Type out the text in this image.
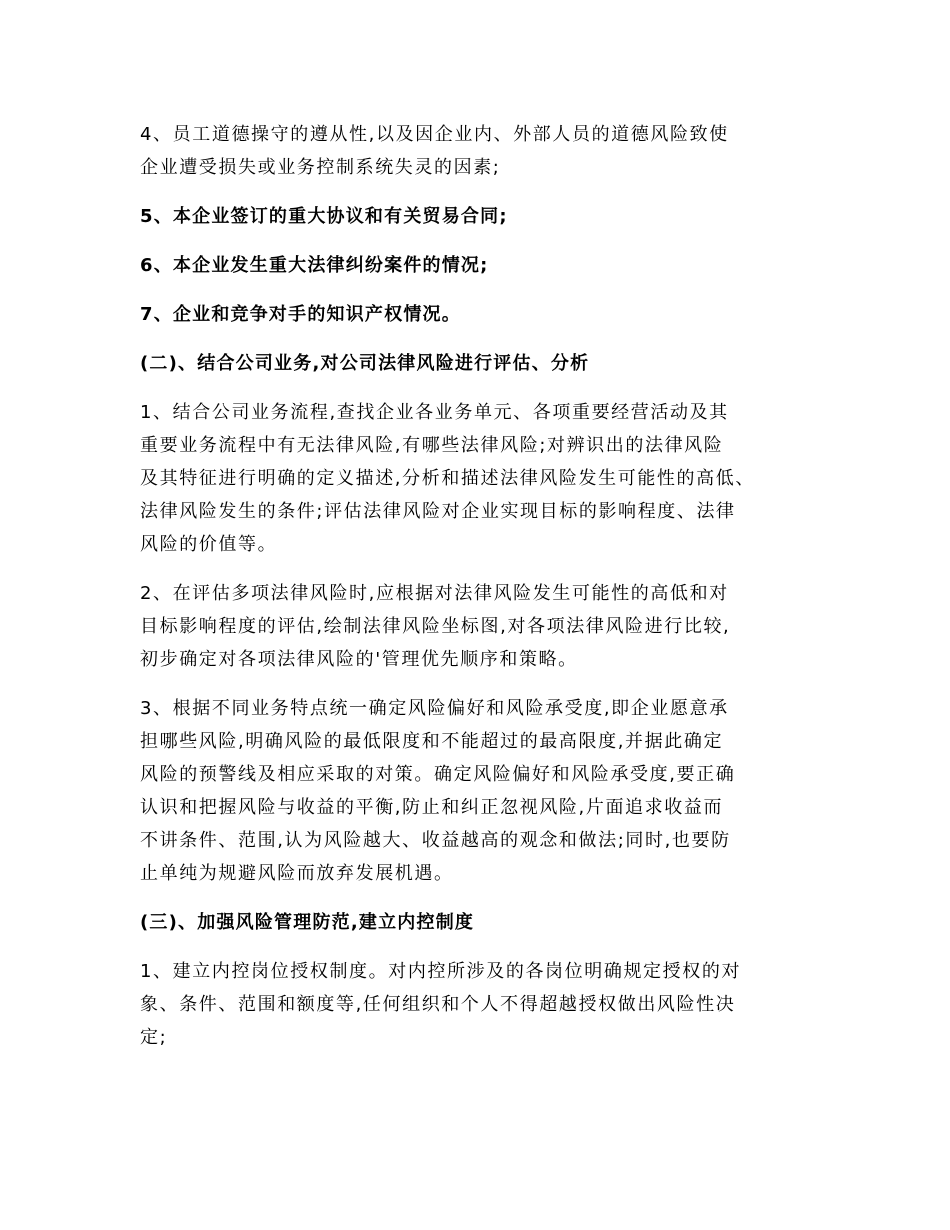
4、员工道德操守的遵从性,以及因企业内、外部人员的道德风险致使
企业遭受损失或业务控制系统失灵的因素;

5、本企业签订的重大协议和有关贸易合同;

6、本企业发生重大法律纠纷案件的情况;

7、企业和竞争对手的知识产权情况。

(二)、结合公司业务,对公司法律风险进行评估、分析

1、结合公司业务流程,查找企业各业务单元、各项重要经营活动及其
重要业务流程中有无法律风险,有哪些法律风险;对辨识出的法律风险
及其特征进行明确的定义描述,分析和描述法律风险发生可能性的高低、
法律风险发生的条件;评估法律风险对企业实现目标的影响程度、法律
风险的价值等。

2、在评估多项法律风险时,应根据对法律风险发生可能性的高低和对
目标影响程度的评估,绘制法律风险坐标图,对各项法律风险进行比较,
初步确定对各项法律风险的'管理优先顺序和策略。

3、根据不同业务特点统一确定风险偏好和风险承受度,即企业愿意承
担哪些风险,明确风险的最低限度和不能超过的最高限度,并据此确定
风险的预警线及相应采取的对策。确定风险偏好和风险承受度,要正确
认识和把握风险与收益的平衡,防止和纠正忽视风险,片面追求收益而
不讲条件、范围,认为风险越大、收益越高的观念和做法;同时,也要防
止单纯为规避风险而放弃发展机遇。

(三)、加强风险管理防范,建立内控制度

1、建立内控岗位授权制度。对内控所涉及的各岗位明确规定授权的对
象、条件、范围和额度等,任何组织和个人不得超越授权做出风险性决
定;
